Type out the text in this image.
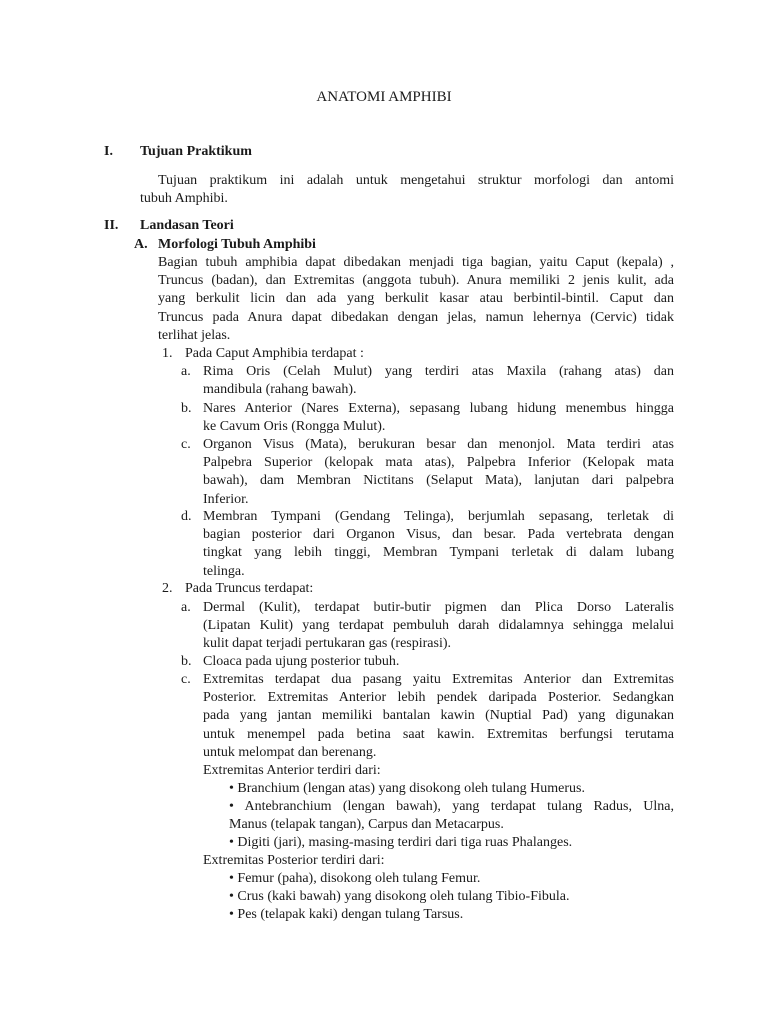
ANATOMI AMPHIBI
I. Tujuan Praktikum
Tujuan praktikum ini adalah untuk mengetahui struktur morfologi dan antomi
tubuh Amphibi.
II. Landasan Teori
A. Morfologi Tubuh Amphibi
Bagian tubuh amphibia dapat dibedakan menjadi tiga bagian, yaitu Caput (kepala) ,
Truncus (badan), dan Extremitas (anggota tubuh). Anura memiliki 2 jenis kulit, ada
yang berkulit licin dan ada yang berkulit kasar atau berbintil-bintil. Caput dan
Truncus pada Anura dapat dibedakan dengan jelas, namun lehernya (Cervic) tidak
terlihat jelas.
1. Pada Caput Amphibia terdapat :
a. Rima Oris (Celah Mulut) yang terdiri atas Maxila (rahang atas) dan
mandibula (rahang bawah).
b. Nares Anterior (Nares Externa), sepasang lubang hidung menembus hingga
ke Cavum Oris (Rongga Mulut).
c. Organon Visus (Mata), berukuran besar dan menonjol. Mata terdiri atas
Palpebra Superior (kelopak mata atas), Palpebra Inferior (Kelopak mata
bawah), dam Membran Nictitans (Selaput Mata), lanjutan dari palpebra
Inferior.
d. Membran Tympani (Gendang Telinga), berjumlah sepasang, terletak di
bagian posterior dari Organon Visus, dan besar. Pada vertebrata dengan
tingkat yang lebih tinggi, Membran Tympani terletak di dalam lubang
telinga.
2. Pada Truncus terdapat:
a. Dermal (Kulit), terdapat butir-butir pigmen dan Plica Dorso Lateralis
(Lipatan Kulit) yang terdapat pembuluh darah didalamnya sehingga melalui
kulit dapat terjadi pertukaran gas (respirasi).
b. Cloaca pada ujung posterior tubuh.
c. Extremitas terdapat dua pasang yaitu Extremitas Anterior dan Extremitas
Posterior. Extremitas Anterior lebih pendek daripada Posterior. Sedangkan
pada yang jantan memiliki bantalan kawin (Nuptial Pad) yang digunakan
untuk menempel pada betina saat kawin. Extremitas berfungsi terutama
untuk melompat dan berenang.
Extremitas Anterior terdiri dari:
• Branchium (lengan atas) yang disokong oleh tulang Humerus.
• Antebranchium (lengan bawah), yang terdapat tulang Radus, Ulna,
Manus (telapak tangan), Carpus dan Metacarpus.
• Digiti (jari), masing-masing terdiri dari tiga ruas Phalanges.
Extremitas Posterior terdiri dari:
• Femur (paha), disokong oleh tulang Femur.
• Crus (kaki bawah) yang disokong oleh tulang Tibio-Fibula.
• Pes (telapak kaki) dengan tulang Tarsus.
